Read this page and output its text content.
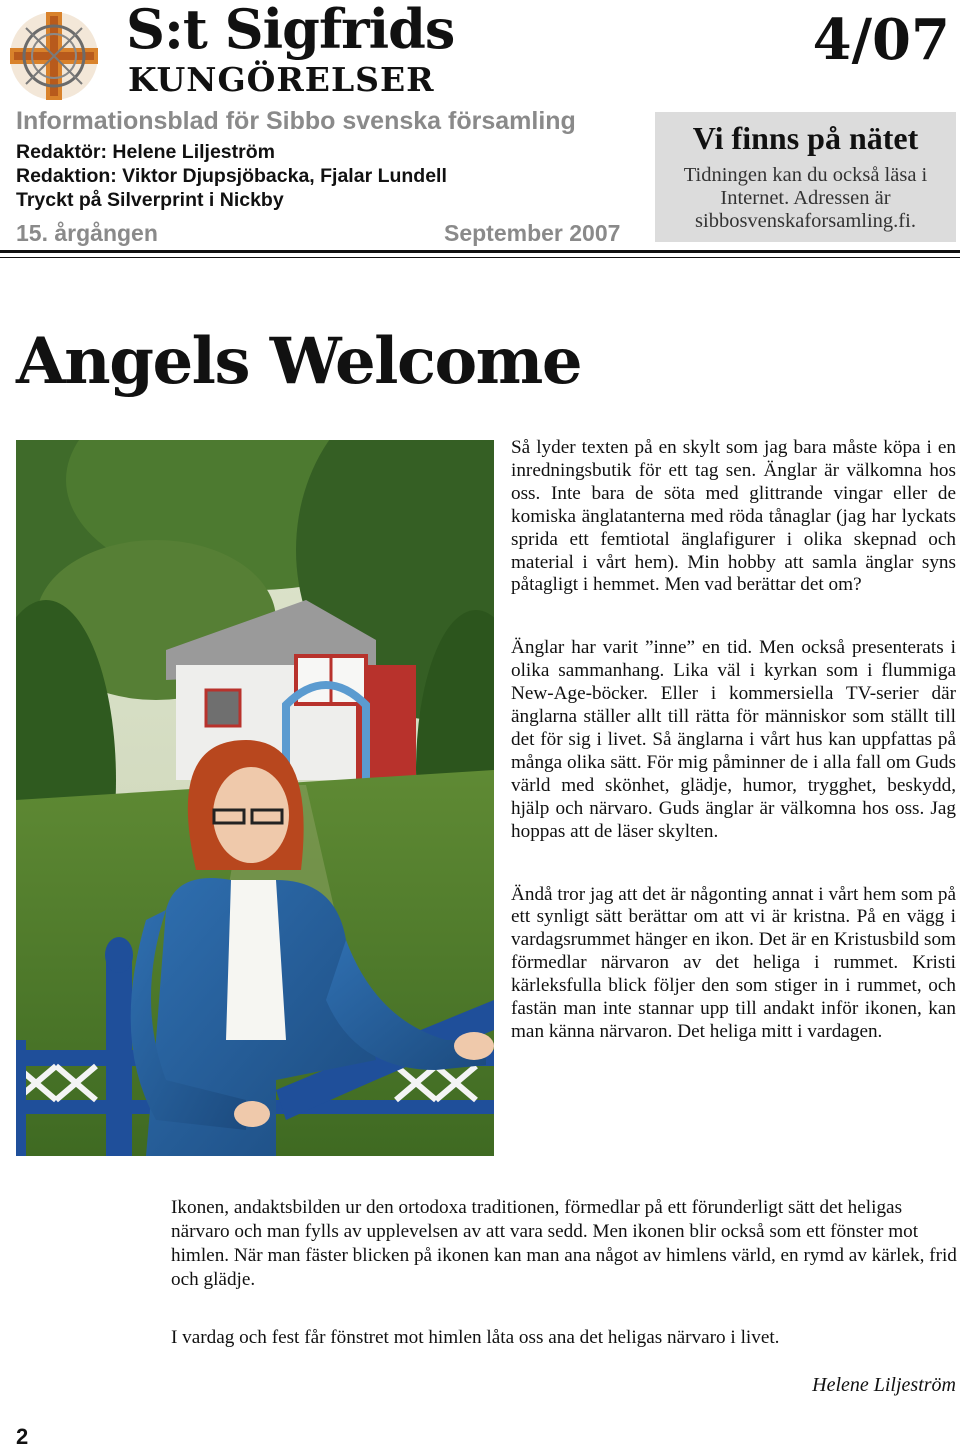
S:t Sigfrids
KUNGÖRELSER
4/07
Informationsblad för Sibbo svenska församling
Redaktör: Helene Liljeström
Redaktion: Viktor Djupsjöbacka, Fjalar Lundell
Tryckt på Silverprint i Nickby
15. årgången	September 2007
Vi finns på nätet
Tidningen kan du också läsa i Internet. Adressen är sibbosvenskaforsamling.fi.
Angels Welcome

Så lyder texten på en skylt som jag bara måste köpa i en inredningsbutik för ett tag sen. Änglar är välkomna hos oss. Inte bara de söta med glittrande vingar eller de komiska änglatanterna med röda tånaglar (jag har lyckats sprida ett femtiotal änglafigurer i olika skepnad och material i vårt hem). Min hobby att samla änglar syns påtagligt i hemmet. Men vad berättar det om?

Änglar har varit ”inne” en tid. Men också presenterats i olika sammanhang. Lika väl i kyrkan som i flummiga New-Age-böcker. Eller i kommersiella TV-serier där änglarna ställer allt till rätta för människor som ställt till det för sig i livet. Så änglarna i vårt hus kan uppfattas på många olika sätt. För mig påminner de i alla fall om Guds värld med skönhet, glädje, humor, trygghet, beskydd, hjälp och närvaro. Guds änglar är välkomna hos oss. Jag hoppas att de läser skylten.

Ändå tror jag att det är någonting annat i vårt hem som på ett synligt sätt berättar om att vi är kristna. På en vägg i vardagsrummet hänger en ikon. Det är en Kristusbild som förmedlar närvaron av det heliga i rummet. Kristi kärleksfulla blick följer den som stiger in i rummet, och fastän man inte stannar upp till andakt inför ikonen, kan man känna närvaron. Det heliga mitt i vardagen.

Ikonen, andaktsbilden ur den ortodoxa traditionen, förmedlar på ett förunderligt sätt det heligas närvaro och man fylls av upplevelsen av att vara sedd. Men ikonen blir också som ett fönster mot himlen. När man fäster blicken på ikonen kan man ana något av himlens värld, en rymd av kärlek, frid och glädje.
I vardag och fest får fönstret mot himlen låta oss ana det heligas närvaro i livet.
Helene Liljeström
2
